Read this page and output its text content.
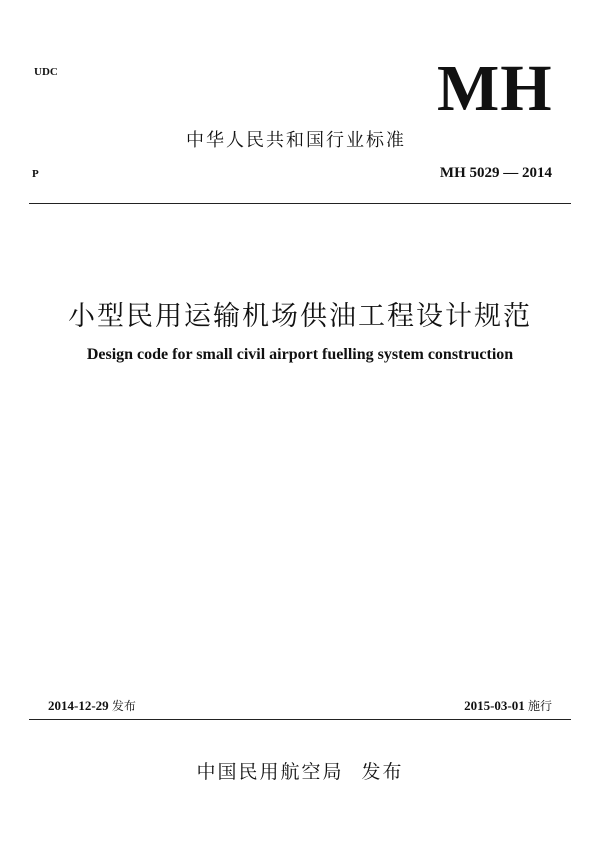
UDC	MH
中华人民共和国行业标准
P	MH 5029 — 2014
小型民用运输机场供油工程设计规范
Design code for small civil airport fuelling system construction
2014-12-29 发布	2015-03-01 施行
中国民用航空局 发布
